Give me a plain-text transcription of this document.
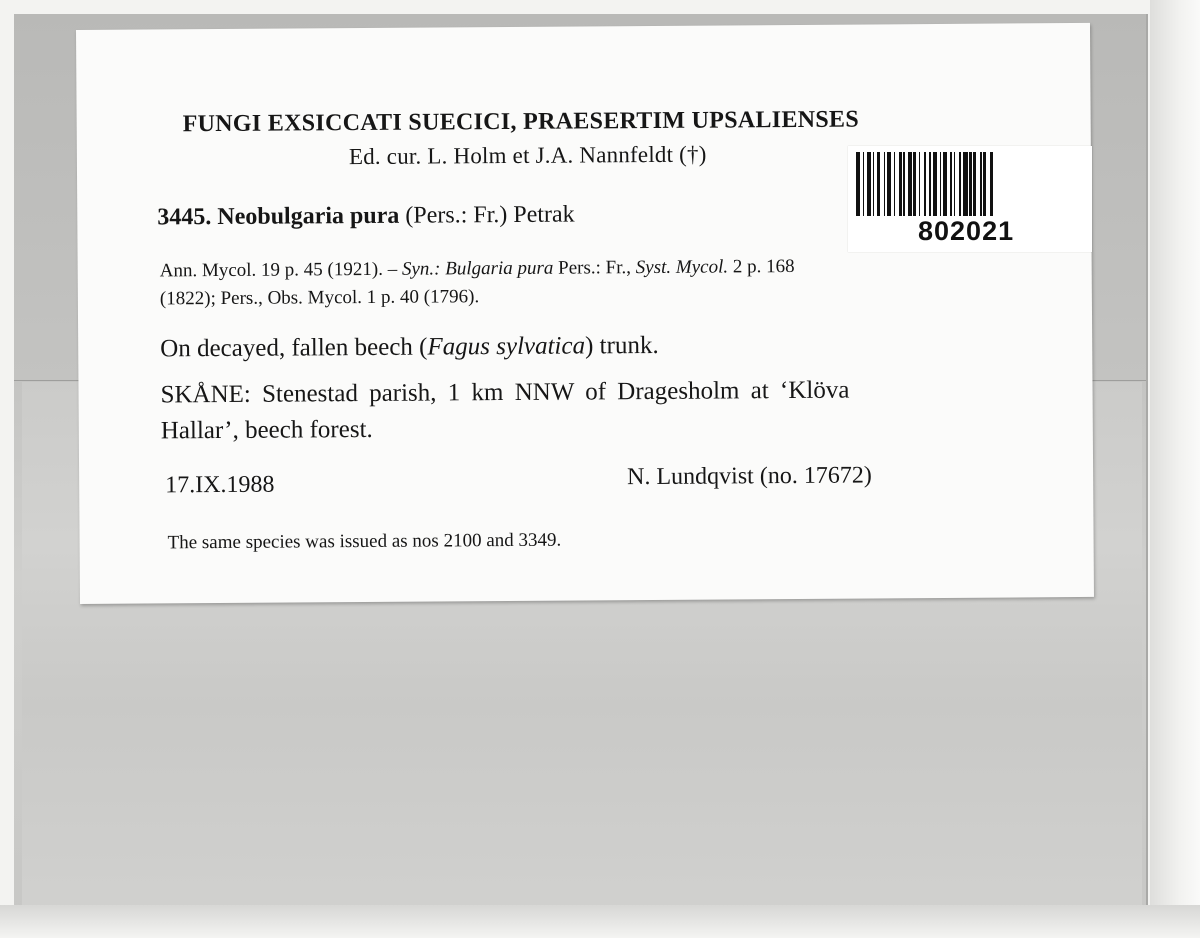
FUNGI EXSICCATI SUECICI, PRAESERTIM UPSALIENSES
Ed. cur. L. Holm et J.A. Nannfeldt (†)
3445. Neobulgaria pura (Pers.: Fr.) Petrak
Ann. Mycol. 19 p. 45 (1921). – Syn.: Bulgaria pura Pers.: Fr., Syst. Mycol. 2 p. 168
(1822); Pers., Obs. Mycol. 1 p. 40 (1796).
On decayed, fallen beech (Fagus sylvatica) trunk.
SKÅNE: Stenestad parish, 1 km NNW of Dragesholm at ‘Klöva
Hallar’, beech forest.
17.IX.1988	N. Lundqvist (no. 17672)
The same species was issued as nos 2100 and 3349.
802021
